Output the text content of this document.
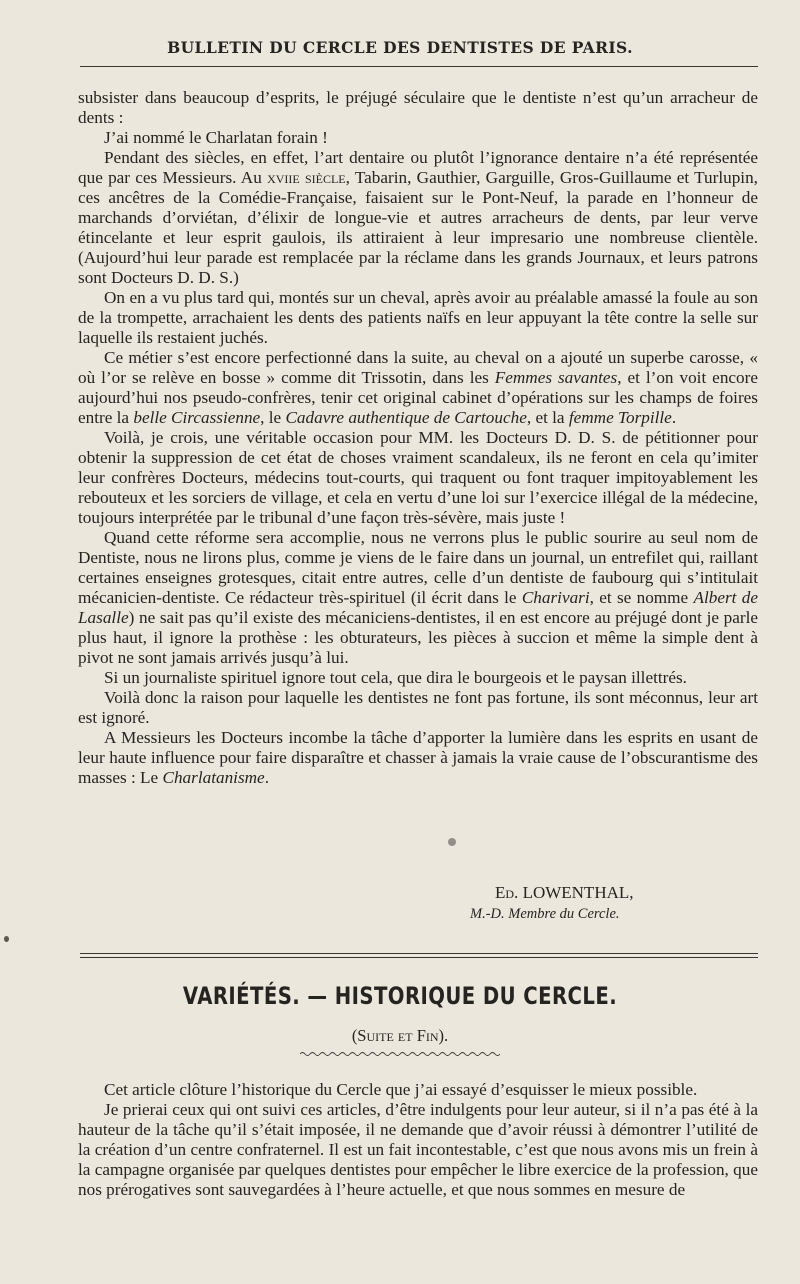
BULLETIN DU CERCLE DES DENTISTES DE PARIS.

subsister dans beaucoup d’esprits, le préjugé séculaire que le dentiste n’est qu’un arracheur de dents :

J’ai nommé le Charlatan forain !

Pendant des siècles, en effet, l’art dentaire ou plutôt l’ignorance dentaire n’a été représentée que par ces Messieurs. Au xviie siècle, Tabarin, Gauthier, Garguille, Gros-Guillaume et Turlupin, ces ancêtres de la Comédie-Française, faisaient sur le Pont-Neuf, la parade en l’honneur de marchands d’orviétan, d’élixir de longue-vie et autres arracheurs de dents, par leur verve étincelante et leur esprit gaulois, ils attiraient à leur impresario une nombreuse clientèle. (Aujourd’hui leur parade est remplacée par la réclame dans les grands Journaux, et leurs patrons sont Docteurs D. D. S.)

On en a vu plus tard qui, montés sur un cheval, après avoir au préalable amassé la foule au son de la trompette, arrachaient les dents des patients naïfs en leur appuyant la tête contre la selle sur laquelle ils restaient juchés.

Ce métier s’est encore perfectionné dans la suite, au cheval on a ajouté un superbe carosse, « où l’or se relève en bosse » comme dit Trissotin, dans les Femmes savantes, et l’on voit encore aujourd’hui nos pseudo-confrères, tenir cet original cabinet d’opérations sur les champs de foires entre la belle Circassienne, le Cadavre authentique de Cartouche, et la femme Torpille.

Voilà, je crois, une véritable occasion pour MM. les Docteurs D. D. S. de pétitionner pour obtenir la suppression de cet état de choses vraiment scandaleux, ils ne feront en cela qu’imiter leur confrères Docteurs, médecins tout-courts, qui traquent ou font traquer impitoyablement les rebouteux et les sorciers de village, et cela en vertu d’une loi sur l’exercice illégal de la médecine, toujours interprétée par le tribunal d’une façon très-sévère, mais juste !

Quand cette réforme sera accomplie, nous ne verrons plus le public sourire au seul nom de Dentiste, nous ne lirons plus, comme je viens de le faire dans un journal, un entrefilet qui, raillant certaines enseignes grotesques, citait entre autres, celle d’un dentiste de faubourg qui s’intitulait mécanicien-dentiste. Ce rédacteur très-spirituel (il écrit dans le Charivari, et se nomme Albert de Lasalle) ne sait pas qu’il existe des mécaniciens-dentistes, il en est encore au préjugé dont je parle plus haut, il ignore la prothèse : les obturateurs, les pièces à succion et même la simple dent à pivot ne sont jamais arrivés jusqu’à lui.

Si un journaliste spirituel ignore tout cela, que dira le bourgeois et le paysan illettrés.

Voilà donc la raison pour laquelle les dentistes ne font pas fortune, ils sont méconnus, leur art est ignoré.

A Messieurs les Docteurs incombe la tâche d’apporter la lumière dans les esprits en usant de leur haute influence pour faire disparaître et chasser à jamais la vraie cause de l’obscurantisme des masses : Le Charlatanisme.

Ed. LOWENTHAL,
M.-D. Membre du Cercle.
VARIÉTÉS. — HISTORIQUE DU CERCLE.
(Suite et Fin).

Cet article clôture l’historique du Cercle que j’ai essayé d’esquisser le mieux possible.

Je prierai ceux qui ont suivi ces articles, d’être indulgents pour leur auteur, si il n’a pas été à la hauteur de la tâche qu’il s’était imposée, il ne demande que d’avoir réussi à démontrer l’utilité de la création d’un centre confraternel. Il est un fait incontestable, c’est que nous avons mis un frein à la campagne organisée par quelques dentistes pour empêcher le libre exercice de la profession, que nos prérogatives sont sauvegardées à l’heure actuelle, et que nous sommes en mesure de
